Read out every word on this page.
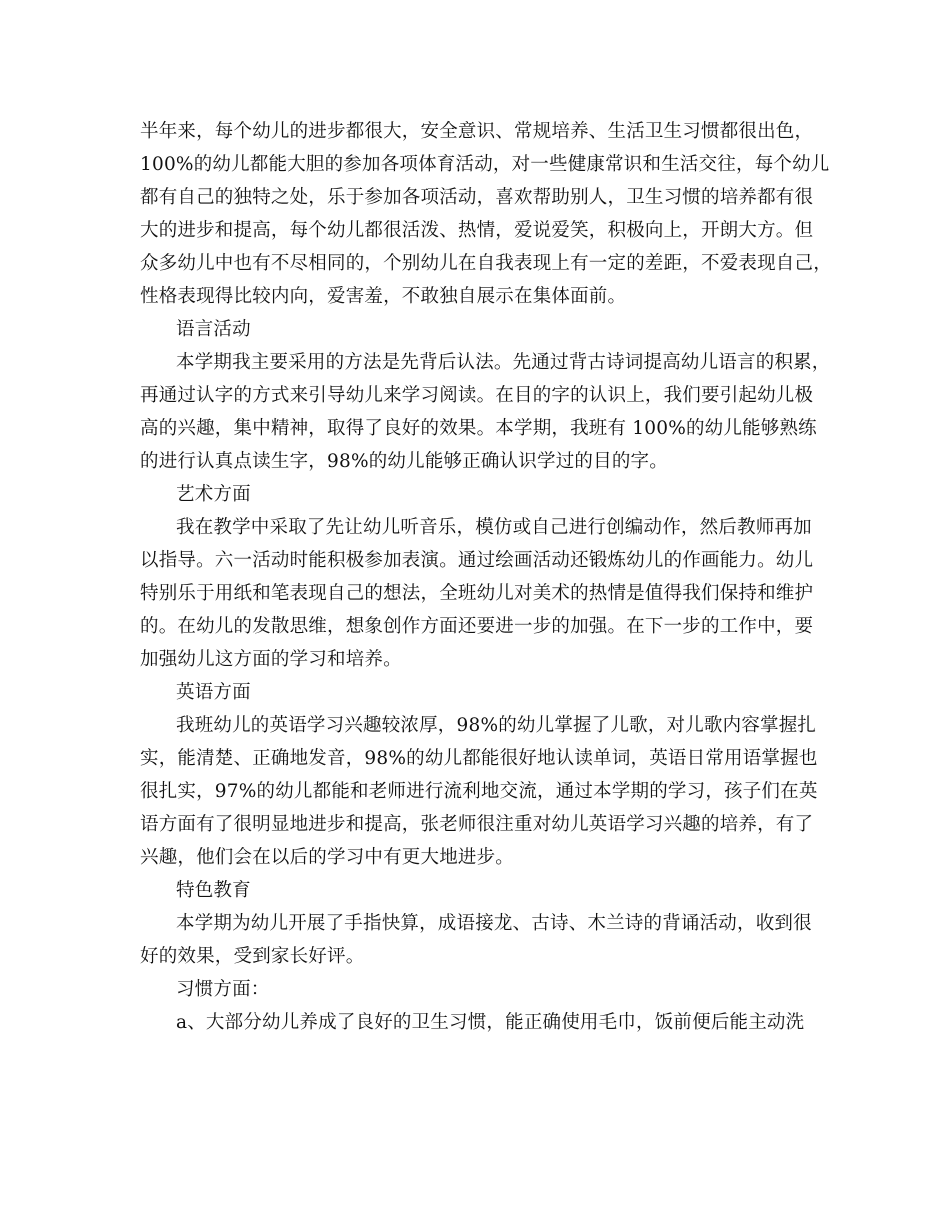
半年来，每个幼儿的进步都很大，安全意识、常规培养、生活卫生习惯都很出色，
100%的幼儿都能大胆的参加各项体育活动，对一些健康常识和生活交往，每个幼儿
都有自己的独特之处，乐于参加各项活动，喜欢帮助别人，卫生习惯的培养都有很
大的进步和提高，每个幼儿都很活泼、热情，爱说爱笑，积极向上，开朗大方。但
众多幼儿中也有不尽相同的，个别幼儿在自我表现上有一定的差距，不爱表现自己，
性格表现得比较内向，爱害羞，不敢独自展示在集体面前。
语言活动
本学期我主要采用的方法是先背后认法。先通过背古诗词提高幼儿语言的积累，
再通过认字的方式来引导幼儿来学习阅读。在目的字的认识上，我们要引起幼儿极
高的兴趣，集中精神，取得了良好的效果。本学期，我班有 100%的幼儿能够熟练
的进行认真点读生字，98%的幼儿能够正确认识学过的目的字。
艺术方面
我在教学中采取了先让幼儿听音乐，模仿或自己进行创编动作，然后教师再加
以指导。六一活动时能积极参加表演。通过绘画活动还锻炼幼儿的作画能力。幼儿
特别乐于用纸和笔表现自己的想法，全班幼儿对美术的热情是值得我们保持和维护
的。在幼儿的发散思维，想象创作方面还要进一步的加强。在下一步的工作中，要
加强幼儿这方面的学习和培养。
英语方面
我班幼儿的英语学习兴趣较浓厚，98%的幼儿掌握了儿歌，对儿歌内容掌握扎
实，能清楚、正确地发音，98%的幼儿都能很好地认读单词，英语日常用语掌握也
很扎实，97%的幼儿都能和老师进行流利地交流，通过本学期的学习，孩子们在英
语方面有了很明显地进步和提高，张老师很注重对幼儿英语学习兴趣的培养，有了
兴趣，他们会在以后的学习中有更大地进步。
特色教育
本学期为幼儿开展了手指快算，成语接龙、古诗、木兰诗的背诵活动，收到很
好的效果，受到家长好评。
习惯方面：
a、大部分幼儿养成了良好的卫生习惯，能正确使用毛巾，饭前便后能主动洗
